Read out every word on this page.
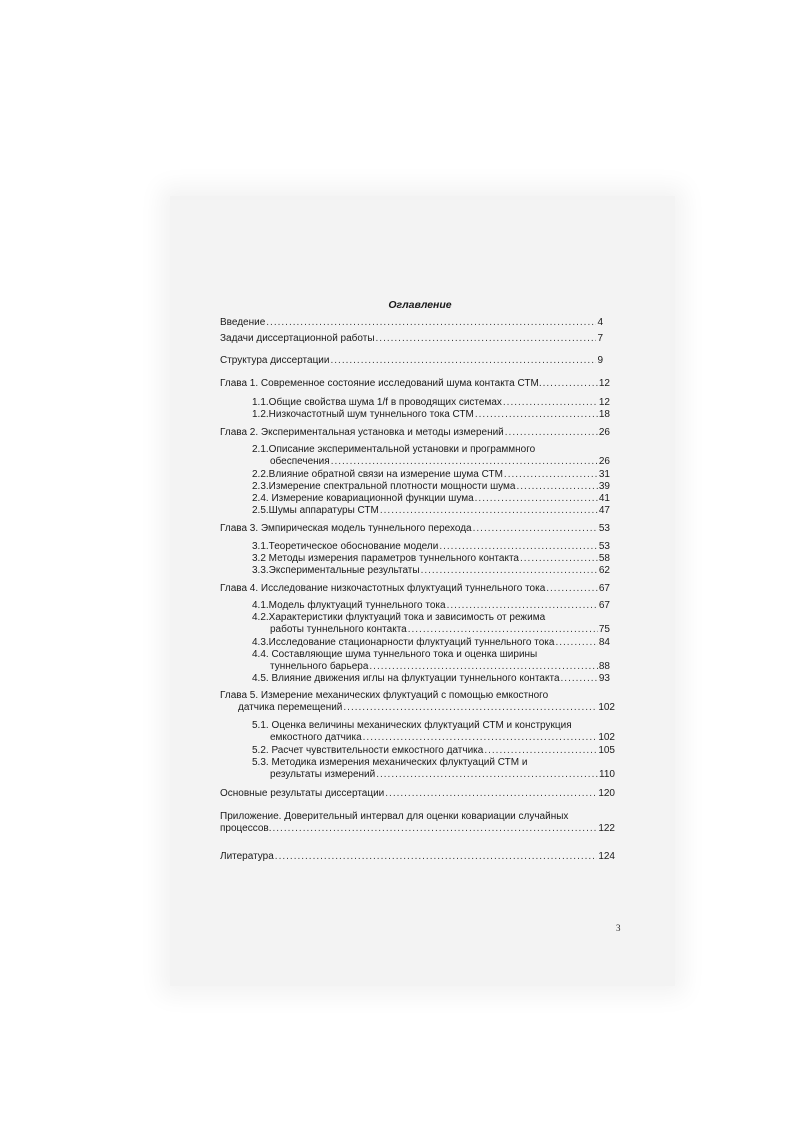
Оглавление
Введение .....	4
Задачи диссертационной работы .....	7
Структура диссертации .....	9
Глава 1. Современное состояние исследований шума контакта СТМ. .....	12
1.1.Общие свойства шума 1/f в проводящих системах .....	12
1.2.Низкочастотный шум туннельного тока СТМ .....	18
Глава 2. Экспериментальная установка и методы измерений .....	26
2.1.Описание экспериментальной установки и программного
обеспечения .....	26
2.2.Влияние обратной связи на измерение шума СТМ .....	31
2.3.Измерение спектральной плотности мощности шума .....	39
2.4. Измерение ковариационной функции шума .....	41
2.5.Шумы аппаратуры СТМ .....	47
Глава 3. Эмпирическая модель туннельного перехода .....	53
3.1.Теоретическое обоснование модели .....	53
3.2 Методы измерения параметров туннельного контакта .....	58
3.3.Экспериментальные результаты .....	62
Глава 4. Исследование низкочастотных флуктуаций туннельного тока .....	67
4.1.Модель флуктуаций туннельного тока .....	67
4.2.Характеристики флуктуаций тока и зависимость от режима
работы туннельного контакта .....	75
4.3.Исследование стационарности флуктуаций туннельного тока .....	84
4.4. Составляющие шума туннельного тока и оценка ширины
туннельного барьера .....	88
4.5. Влияние движения иглы на флуктуации туннельного контакта .....	93
Глава 5. Измерение механических флуктуаций с помощью емкостного
датчика перемещений .....	102
5.1. Оценка величины механических флуктуаций СТМ и конструкция
емкостного датчика .....	102
5.2. Расчет чувствительности емкостного датчика .....	105
5.3. Методика измерения механических флуктуаций СТМ и
результаты измерений .....	110
Основные результаты диссертации .....	120
Приложение. Доверительный интервал для оценки ковариации случайных
процессов. .....	122
Литература .....	124
3
